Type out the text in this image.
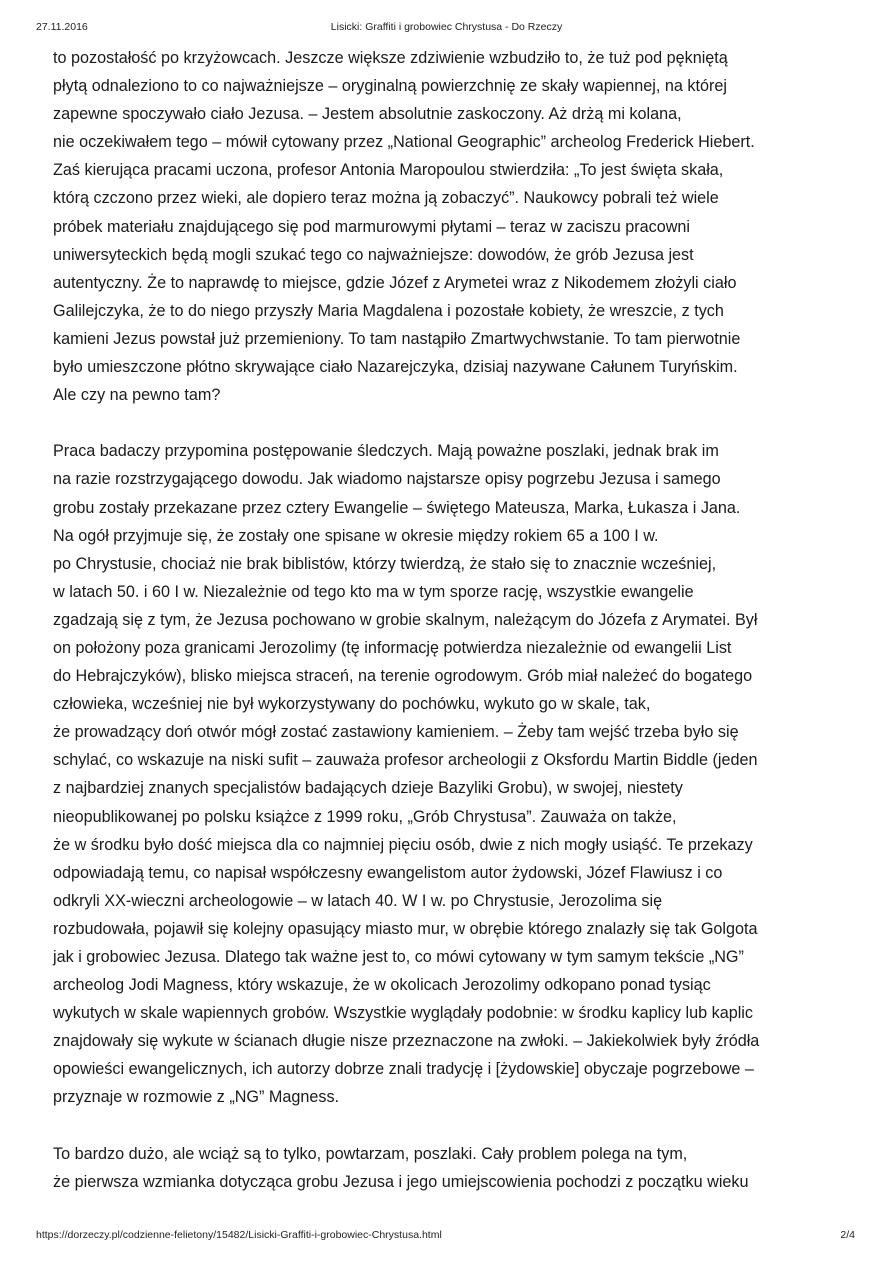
27.11.2016	Lisicki: Graffiti i grobowiec Chrystusa - Do Rzeczy

to pozostałość po krzyżowcach. Jeszcze większe zdziwienie wzbudziło to, że tuż pod pękniętą
płytą odnaleziono to co najważniejsze – oryginalną powierzchnię ze skały wapiennej, na której
zapewne spoczywało ciało Jezusa. – Jestem absolutnie zaskoczony. Aż drżą mi kolana,
nie oczekiwałem tego – mówił cytowany przez „National Geographic” archeolog Frederick Hiebert.
Zaś kierująca pracami uczona, profesor Antonia Maropoulou stwierdziła: „To jest święta skała,
którą czczono przez wieki, ale dopiero teraz można ją zobaczyć”. Naukowcy pobrali też wiele
próbek materiału znajdującego się pod marmurowymi płytami – teraz w zaciszu pracowni
uniwersyteckich będą mogli szukać tego co najważniejsze: dowodów, że grób Jezusa jest
autentyczny. Że to naprawdę to miejsce, gdzie Józef z Arymetei wraz z Nikodemem złożyli ciało
Galilejczyka, że to do niego przyszły Maria Magdalena i pozostałe kobiety, że wreszcie, z tych
kamieni Jezus powstał już przemieniony. To tam nastąpiło Zmartwychwstanie. To tam pierwotnie
było umieszczone płótno skrywające ciało Nazarejczyka, dzisiaj nazywane Całunem Turyńskim.
Ale czy na pewno tam?

Praca badaczy przypomina postępowanie śledczych. Mają poważne poszlaki, jednak brak im
na razie rozstrzygającego dowodu. Jak wiadomo najstarsze opisy pogrzebu Jezusa i samego
grobu zostały przekazane przez cztery Ewangelie – świętego Mateusza, Marka, Łukasza i Jana.
Na ogół przyjmuje się, że zostały one spisane w okresie między rokiem 65 a 100 I w.
po Chrystusie, chociaż nie brak biblistów, którzy twierdzą, że stało się to znacznie wcześniej,
w latach 50. i 60 I w. Niezależnie od tego kto ma w tym sporze rację, wszystkie ewangelie
zgadzają się z tym, że Jezusa pochowano w grobie skalnym, należącym do Józefa z Arymatei. Był
on położony poza granicami Jerozolimy (tę informację potwierdza niezależnie od ewangelii List
do Hebrajczyków), blisko miejsca straceń, na terenie ogrodowym. Grób miał należeć do bogatego
człowieka, wcześniej nie był wykorzystywany do pochówku, wykuto go w skale, tak,
że prowadzący doń otwór mógł zostać zastawiony kamieniem. – Żeby tam wejść trzeba było się
schylać, co wskazuje na niski sufit – zauważa profesor archeologii z Oksfordu Martin Biddle (jeden
z najbardziej znanych specjalistów badających dzieje Bazyliki Grobu), w swojej, niestety
nieopublikowanej po polsku książce z 1999 roku, „Grób Chrystusa”. Zauważa on także,
że w środku było dość miejsca dla co najmniej pięciu osób, dwie z nich mogły usiąść. Te przekazy
odpowiadają temu, co napisał współczesny ewangelistom autor żydowski, Józef Flawiusz i co
odkryli XX-wieczni archeologowie – w latach 40. W I w. po Chrystusie, Jerozolima się
rozbudowała, pojawił się kolejny opasujący miasto mur, w obrębie którego znalazły się tak Golgota
jak i grobowiec Jezusa. Dlatego tak ważne jest to, co mówi cytowany w tym samym tekście „NG”
archeolog Jodi Magness, który wskazuje, że w okolicach Jerozolimy odkopano ponad tysiąc
wykutych w skale wapiennych grobów. Wszystkie wyglądały podobnie: w środku kaplicy lub kaplic
znajdowały się wykute w ścianach długie nisze przeznaczone na zwłoki. – Jakiekolwiek były źródła
opowieści ewangelicznych, ich autorzy dobrze znali tradycję i [żydowskie] obyczaje pogrzebowe –
przyznaje w rozmowie z „NG” Magness.

To bardzo dużo, ale wciąż są to tylko, powtarzam, poszlaki. Cały problem polega na tym,
że pierwsza wzmianka dotycząca grobu Jezusa i jego umiejscowienia pochodzi z początku wieku

https://dorzeczy.pl/codzienne-felietony/15482/Lisicki-Graffiti-i-grobowiec-Chrystusa.html	2/4
